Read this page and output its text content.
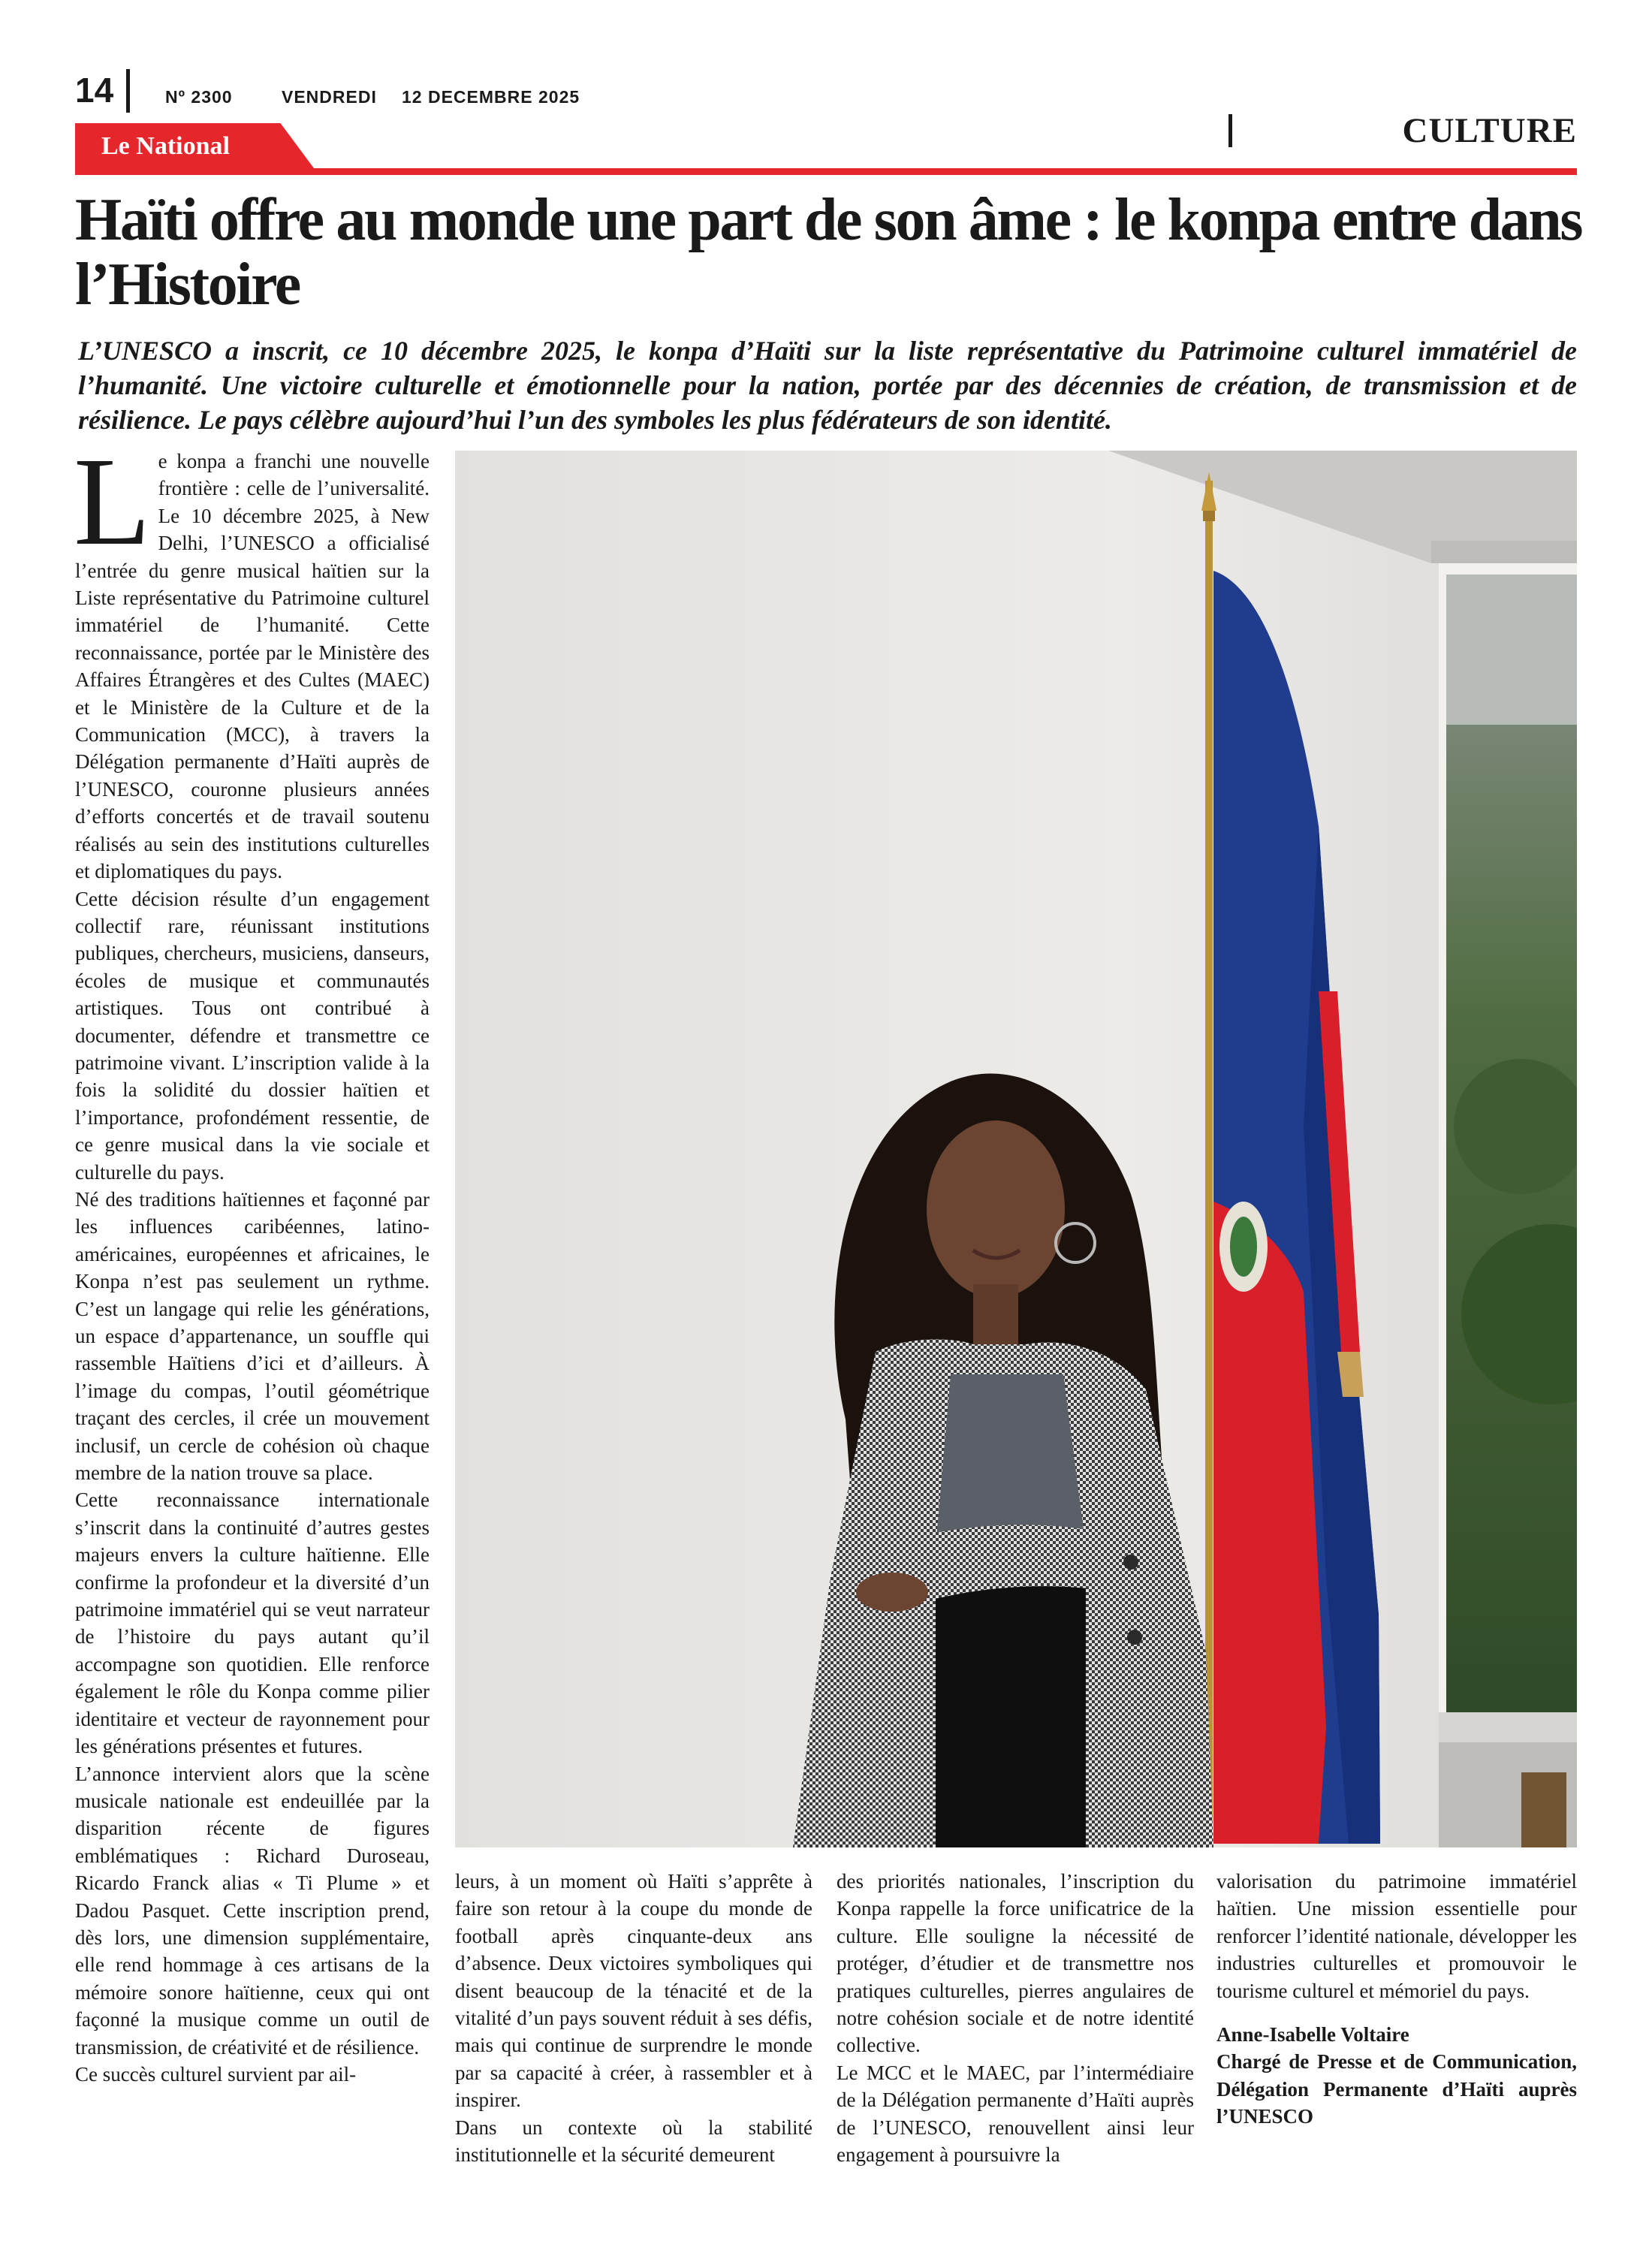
14	Nº 2300	VENDREDI 12 DECEMBRE 2025
Le National	CULTURE
Haïti offre au monde une part de son âme : le konpa entre dans l’Histoire

L’UNESCO a inscrit, ce 10 décembre 2025, le konpa d’Haïti sur la liste représentative du Patrimoine culturel immatériel de l’humanité. Une victoire culturelle et émotionnelle pour la nation, portée par des décennies de création, de transmission et de résilience. Le pays célèbre aujourd’hui l’un des symboles les plus fédérateurs de son identité.

L e konpa a franchi une nouvelle frontière : celle de l’universalité. Le 10 décembre 2025, à New Delhi, l’UNESCO a officialisé l’entrée du genre musical haïtien sur la Liste représentative du Patrimoine culturel immatériel de l’humanité. Cette reconnaissance, portée par le Ministère des Affaires Étrangères et des Cultes (MAEC) et le Ministère de la Culture et de la Communication (MCC), à travers la Délégation permanente d’Haïti auprès de l’UNESCO, couronne plusieurs années d’efforts concertés et de travail soutenu réalisés au sein des institutions culturelles et diplomatiques du pays.

Cette décision résulte d’un engagement collectif rare, réunissant institutions publiques, chercheurs, musiciens, danseurs, écoles de musique et communautés artistiques. Tous ont contribué à documenter, défendre et transmettre ce patrimoine vivant. L’inscription valide à la fois la solidité du dossier haïtien et l’importance, profondément ressentie, de ce genre musical dans la vie sociale et culturelle du pays.

Né des traditions haïtiennes et façonné par les influences caribéennes, latino-américaines, européennes et africaines, le Konpa n’est pas seulement un rythme. C’est un langage qui relie les générations, un espace d’appartenance, un souffle qui rassemble Haïtiens d’ici et d’ailleurs. À l’image du compas, l’outil géométrique traçant des cercles, il crée un mouvement inclusif, un cercle de cohésion où chaque membre de la nation trouve sa place.

Cette reconnaissance internationale s’inscrit dans la continuité d’autres gestes majeurs envers la culture haïtienne. Elle confirme la profondeur et la diversité d’un patrimoine immatériel qui se veut narrateur de l’histoire du pays autant qu’il accompagne son quotidien. Elle renforce également le rôle du Konpa comme pilier identitaire et vecteur de rayonnement pour les générations présentes et futures.

L’annonce intervient alors que la scène musicale nationale est endeuillée par la disparition récente de figures emblématiques : Richard Duroseau, Ricardo Franck alias « Ti Plume » et Dadou Pasquet. Cette inscription prend, dès lors, une dimension supplémentaire, elle rend hommage à ces artisans de la mémoire sonore haïtienne, ceux qui ont façonné la musique comme un outil de transmission, de créativité et de résilience.

Ce succès culturel survient par ail-

leurs, à un moment où Haïti s’apprête à faire son retour à la coupe du monde de football après cinquante-deux ans d’absence. Deux victoires symboliques qui disent beaucoup de la ténacité et de la vitalité d’un pays souvent réduit à ses défis, mais qui continue de surprendre le monde par sa capacité à créer, à rassembler et à inspirer.

Dans un contexte où la stabilité institutionnelle et la sécurité demeurent

des priorités nationales, l’inscription du Konpa rappelle la force unificatrice de la culture. Elle souligne la nécessité de protéger, d’étudier et de transmettre nos pratiques culturelles, pierres angulaires de notre cohésion sociale et de notre identité collective.

Le MCC et le MAEC, par l’intermédiaire de la Délégation permanente d’Haïti auprès de l’UNESCO, renouvellent ainsi leur engagement à poursuivre la

valorisation du patrimoine immatériel haïtien. Une mission essentielle pour renforcer l’identité nationale, développer les industries culturelles et promouvoir le tourisme culturel et mémoriel du pays.

Anne-Isabelle Voltaire

Chargé de Presse et de Communication, Délégation Permanente d’Haïti auprès l’UNESCO
